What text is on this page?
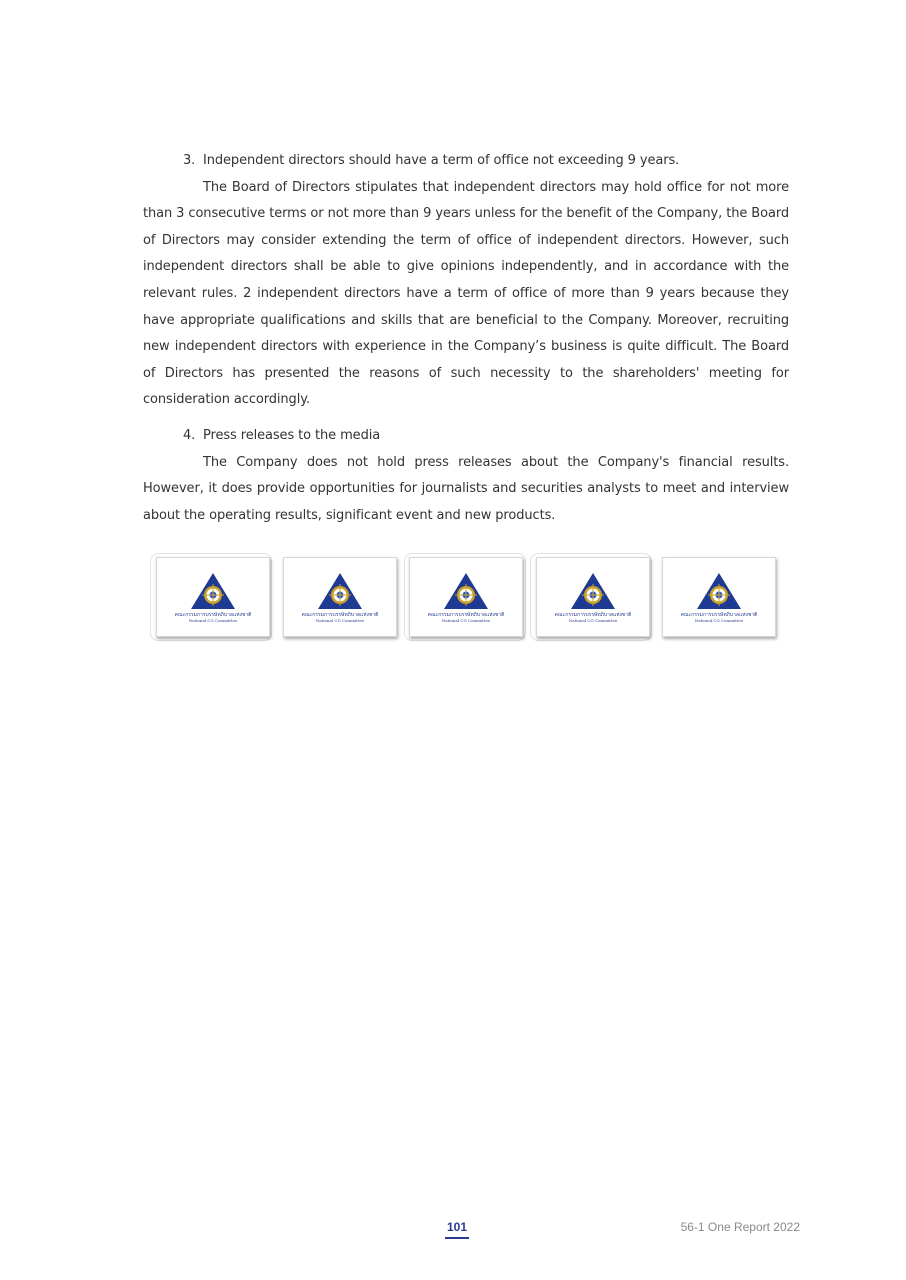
3. Independent directors should have a term of office not exceeding 9 years.

The Board of Directors stipulates that independent directors may hold office for not more than 3 consecutive terms or not more than 9 years unless for the benefit of the Company, the Board of Directors may consider extending the term of office of independent directors. However, such independent directors shall be able to give opinions independently, and in accordance with the relevant rules. 2 independent directors have a term of office of more than 9 years because they have appropriate qualifications and skills that are beneficial to the Company. Moreover, recruiting new independent directors with experience in the Company’s business is quite difficult. The Board of Directors has presented the reasons of such necessity to the shareholders' meeting for consideration accordingly.

4. Press releases to the media

The Company does not hold press releases about the Company's financial results. However, it does provide opportunities for journalists and securities analysts to meet and interview about the operating results, significant event and new products.

คณะกรรมการบรรษัทภิบาลแห่งชาติ
National CG Committee
คณะกรรมการบรรษัทภิบาลแห่งชาติ
National CG Committee
คณะกรรมการบรรษัทภิบาลแห่งชาติ
National CG Committee
คณะกรรมการบรรษัทภิบาลแห่งชาติ
National CG Committee
คณะกรรมการบรรษัทภิบาลแห่งชาติ
National CG Committee
101	56-1 One Report 2022
